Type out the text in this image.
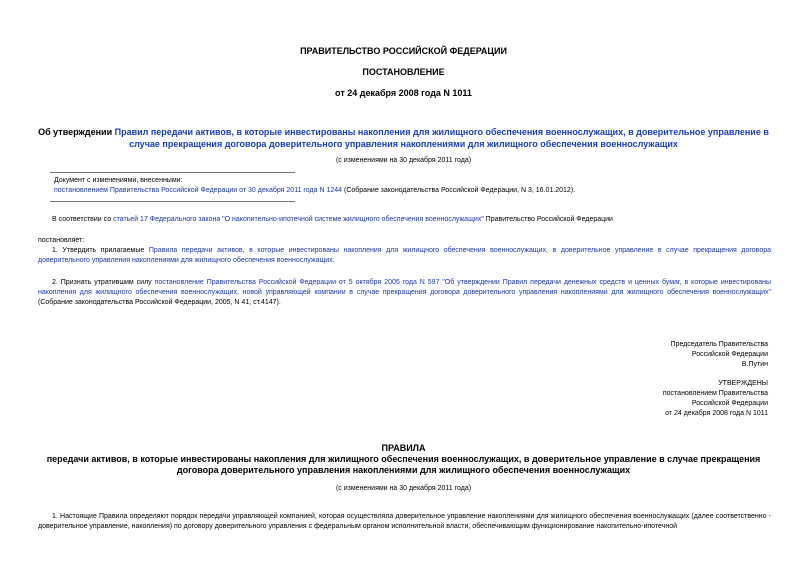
ПРАВИТЕЛЬСТВО РОССИЙСКОЙ ФЕДЕРАЦИИ
ПОСТАНОВЛЕНИЕ
от 24 декабря 2008 года N 1011
Об утверждении Правил передачи активов, в которые инвестированы накопления для жилищного обеспечения военнослужащих, в доверительное управление в случае прекращения договора доверительного управления накоплениями для жилищного обеспечения военнослужащих
(с изменениями на 30 декабря 2011 года)
Документ с изменениями, внесенными:
постановлением Правительства Российской Федерации от 30 декабря 2011 года N 1244 (Собрание законодательства Российской Федерации, N 3, 16.01.2012).
В соответствии со статьей 17 Федерального закона "О накопительно-ипотечной системе жилищного обеспечения военнослужащих" Правительство Российской Федерации
постановляет:
1. Утвердить прилагаемые Правила передачи активов, в которые инвестированы накопления для жилищного обеспечения военнослужащих, в доверительное управление в случае прекращения договора доверительного управления накоплениями для жилищного обеспечения военнослужащих.
2. Признать утратившим силу постановление Правительства Российской Федерации от 5 октября 2005 года N 597 "Об утверждении Правил передачи денежных средств и ценных бумаг, в которые инвестированы накопления для жилищного обеспечения военнослужащих, новой управляющей компании в случае прекращения договора доверительного управления накоплениями для жилищного обеспечения военнослужащих" (Собрание законодательства Российской Федерации, 2005, N 41, ст.4147).
Председатель Правительства
Российской Федерации
В.Путин
УТВЕРЖДЕНЫ
постановлением Правительства
Российской Федерации
от 24 декабря 2008 года N 1011
ПРАВИЛА
передачи активов, в которые инвестированы накопления для жилищного обеспечения военнослужащих, в доверительное управление в случае прекращения договора доверительного управления накоплениями для жилищного обеспечения военнослужащих
(с изменениями на 30 декабря 2011 года)
1. Настоящие Правила определяют порядок передачи управляющей компанией, которая осуществляла доверительное управление накоплениями для жилищного обеспечения военнослужащих (далее соответственно - доверительное управление, накопления) по договору доверительного управления с федеральным органом исполнительной власти, обеспечивающим функционирование накопительно-ипотечной
